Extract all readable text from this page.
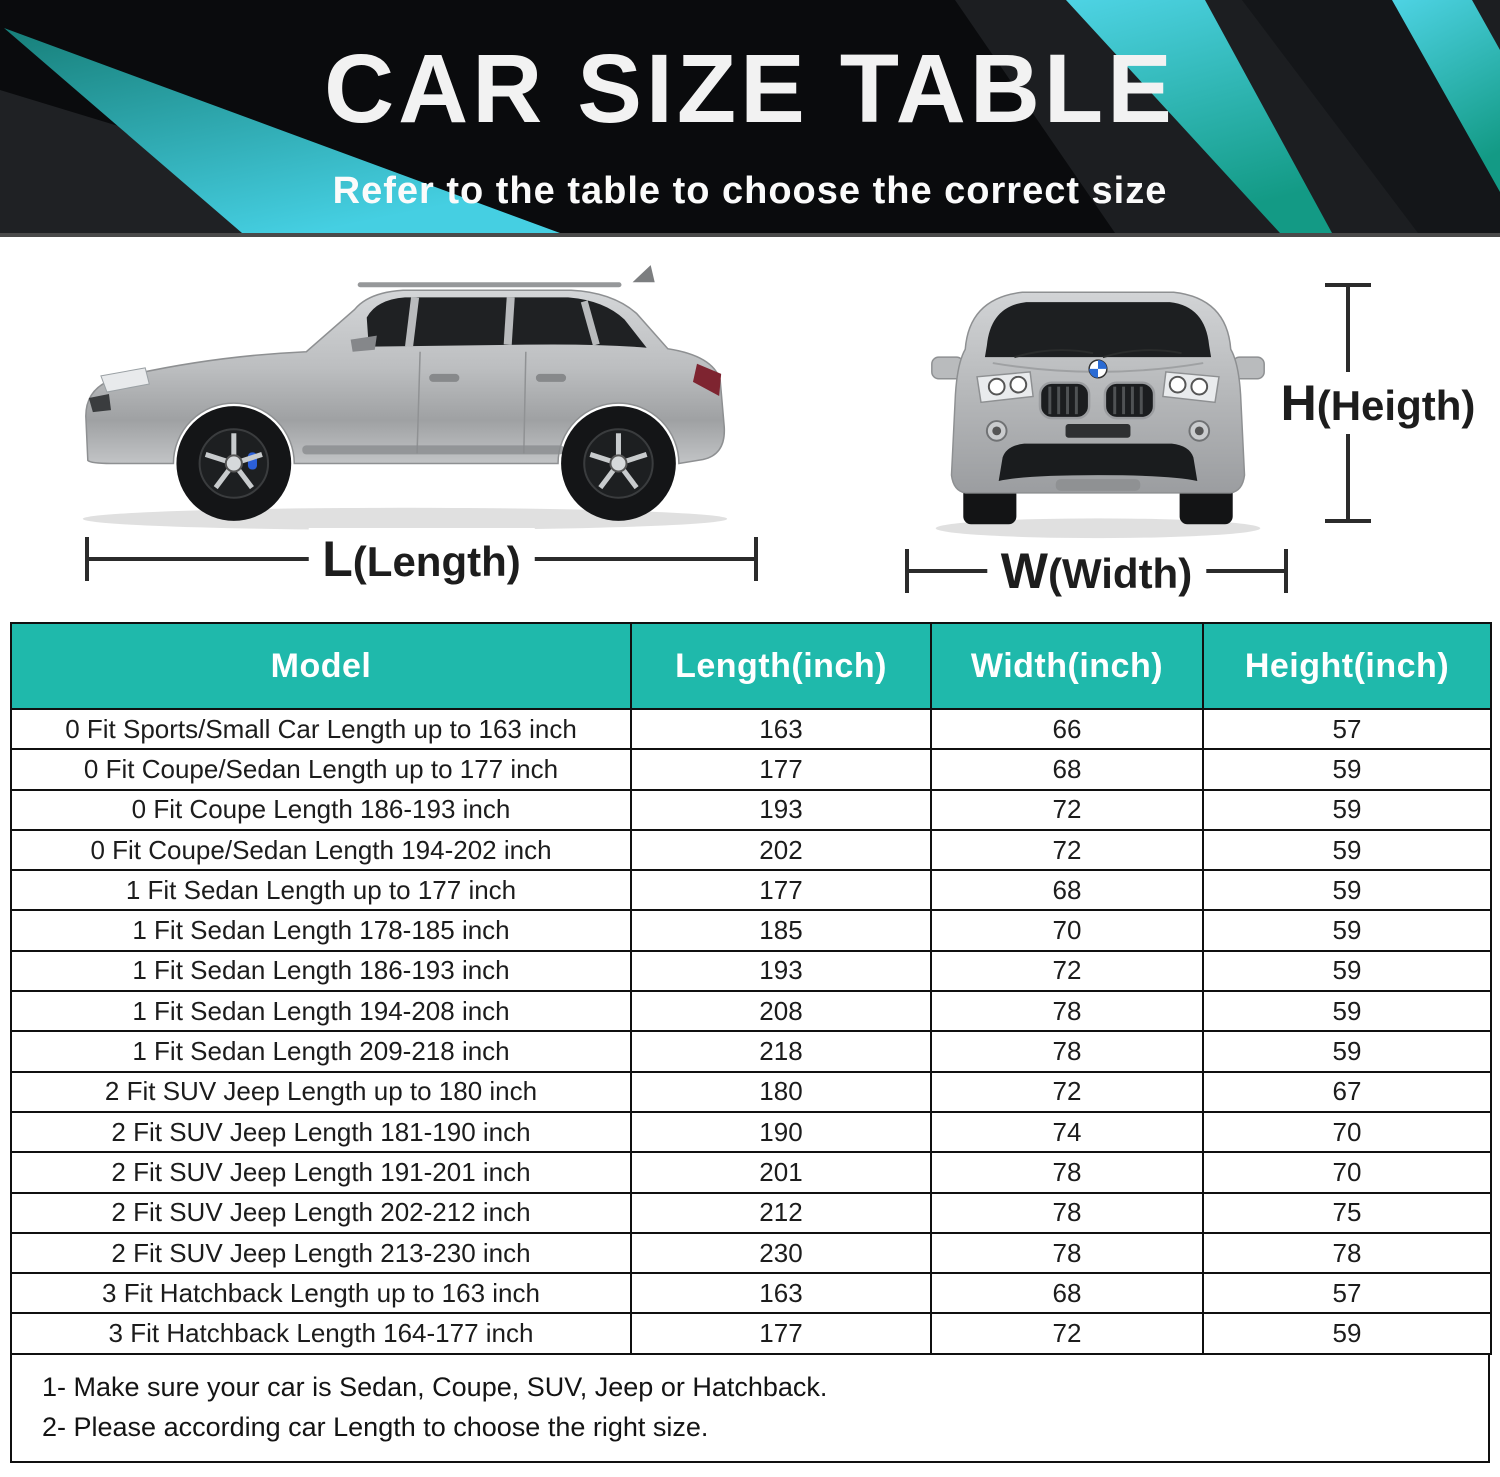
CAR SIZE TABLE

Refer to the table to choose the correct size

L(Length)	W(Width)
H(Heigth)
Model	Length(inch)	Width(inch)	Height(inch)
0 Fit Sports/Small Car Length up to 163 inch	163	66	57
0 Fit Coupe/Sedan Length up to 177 inch	177	68	59
0 Fit Coupe Length 186-193 inch	193	72	59
0 Fit Coupe/Sedan Length 194-202 inch	202	72	59
1 Fit Sedan Length up to 177 inch	177	68	59
1 Fit Sedan Length 178-185 inch	185	70	59
1 Fit Sedan Length 186-193 inch	193	72	59
1 Fit Sedan Length 194-208 inch	208	78	59
1 Fit Sedan Length 209-218 inch	218	78	59
2 Fit SUV Jeep Length up to 180 inch	180	72	67
2 Fit SUV Jeep Length 181-190 inch	190	74	70
2 Fit SUV Jeep Length 191-201 inch	201	78	70
2 Fit SUV Jeep Length 202-212 inch	212	78	75
2 Fit SUV Jeep Length 213-230 inch	230	78	78
3 Fit Hatchback Length up to 163 inch	163	68	57
3 Fit Hatchback Length 164-177 inch	177	72	59
1- Make sure your car is Sedan, Coupe, SUV, Jeep or Hatchback.
2- Please according car Length to choose the right size.
